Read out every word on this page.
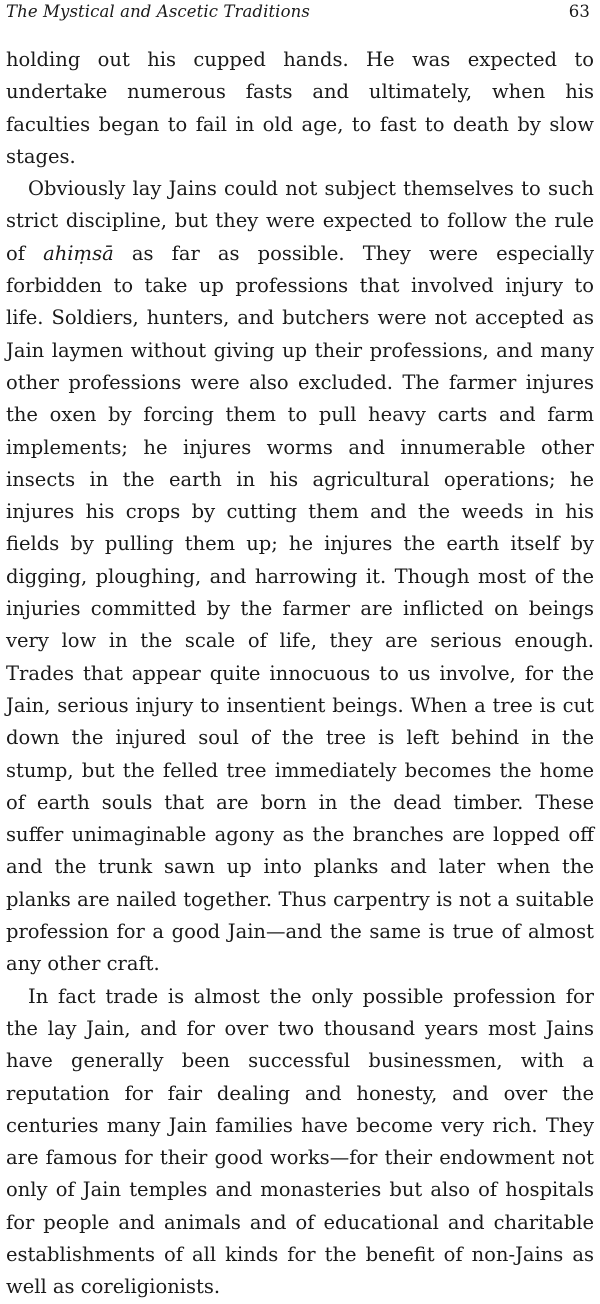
The Mystical and Ascetic Traditions	63

holding out his cupped hands. He was expected to undertake numerous fasts and ultimately, when his faculties began to fail in old age, to fast to death by slow stages.

Obviously lay Jains could not subject themselves to such strict discipline, but they were expected to follow the rule of ahiṃsā as far as possible. They were especially forbidden to take up professions that involved injury to life. Soldiers, hunters, and butchers were not accepted as Jain laymen without giving up their professions, and many other professions were also excluded. The farmer injures the oxen by forcing them to pull heavy carts and farm implements; he injures worms and innumerable other insects in the earth in his agricultural operations; he injures his crops by cutting them and the weeds in his fields by pulling them up; he injures the earth itself by digging, ploughing, and harrowing it. Though most of the injuries committed by the farmer are inflicted on beings very low in the scale of life, they are serious enough. Trades that appear quite innocuous to us involve, for the Jain, serious injury to insentient beings. When a tree is cut down the injured soul of the tree is left behind in the stump, but the felled tree immediately becomes the home of earth souls that are born in the dead timber. These suffer unimaginable agony as the branches are lopped off and the trunk sawn up into planks and later when the planks are nailed together. Thus carpentry is not a suitable profession for a good Jain—and the same is true of almost any other craft.

In fact trade is almost the only possible profession for the lay Jain, and for over two thousand years most Jains have generally been successful businessmen, with a reputation for fair dealing and honesty, and over the centuries many Jain families have become very rich. They are famous for their good works—for their endowment not only of Jain temples and monasteries but also of hospitals for people and animals and of educational and charitable establishments of all kinds for the benefit of non-Jains as well as coreligionists.
